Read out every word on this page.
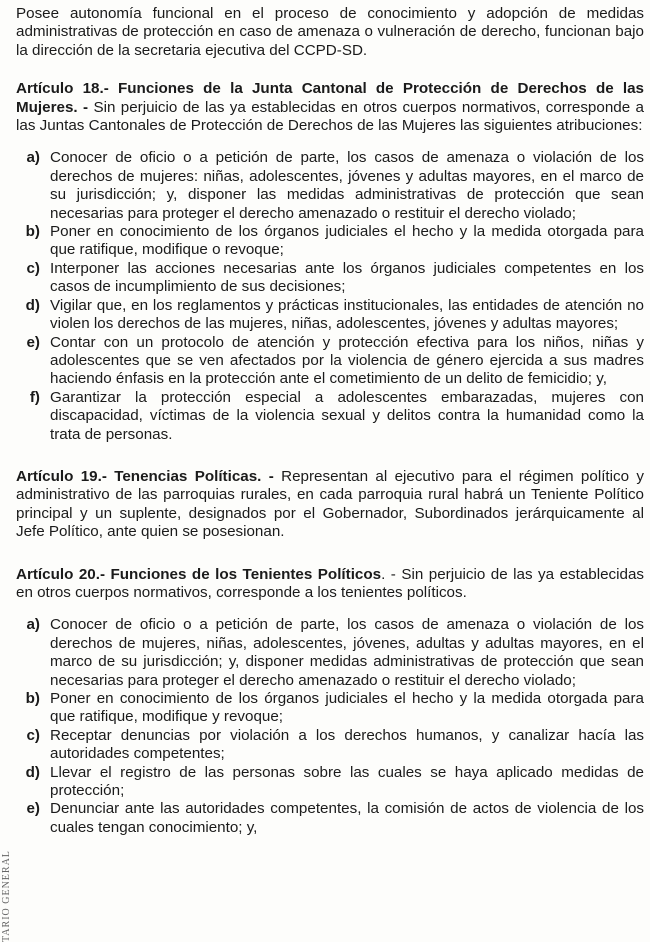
TARIO GENERAL

Posee autonomía funcional en el proceso de conocimiento y adopción de medidas administrativas de protección en caso de amenaza o vulneración de derecho, funcionan bajo la dirección de la secretaria ejecutiva del CCPD-SD.

Artículo 18.- Funciones de la Junta Cantonal de Protección de Derechos de las Mujeres. - Sin perjuicio de las ya establecidas en otros cuerpos normativos, corresponde a las Juntas Cantonales de Protección de Derechos de las Mujeres las siguientes atribuciones:

a) Conocer de oficio o a petición de parte, los casos de amenaza o violación de los derechos de mujeres: niñas, adolescentes, jóvenes y adultas mayores, en el marco de su jurisdicción; y, disponer las medidas administrativas de protección que sean necesarias para proteger el derecho amenazado o restituir el derecho violado;
b) Poner en conocimiento de los órganos judiciales el hecho y la medida otorgada para que ratifique, modifique o revoque;
c) Interponer las acciones necesarias ante los órganos judiciales competentes en los casos de incumplimiento de sus decisiones;
d) Vigilar que, en los reglamentos y prácticas institucionales, las entidades de atención no violen los derechos de las mujeres, niñas, adolescentes, jóvenes y adultas mayores;
e) Contar con un protocolo de atención y protección efectiva para los niños, niñas y adolescentes que se ven afectados por la violencia de género ejercida a sus madres haciendo énfasis en la protección ante el cometimiento de un delito de femicidio; y,
f) Garantizar la protección especial a adolescentes embarazadas, mujeres con discapacidad, víctimas de la violencia sexual y delitos contra la humanidad como la trata de personas.

Artículo 19.- Tenencias Políticas. - Representan al ejecutivo para el régimen político y administrativo de las parroquias rurales, en cada parroquia rural habrá un Teniente Político principal y un suplente, designados por el Gobernador, Subordinados jerárquicamente al Jefe Político, ante quien se posesionan.

Artículo 20.- Funciones de los Tenientes Políticos. - Sin perjuicio de las ya establecidas en otros cuerpos normativos, corresponde a los tenientes políticos.

a) Conocer de oficio o a petición de parte, los casos de amenaza o violación de los derechos de mujeres, niñas, adolescentes, jóvenes, adultas y adultas mayores, en el marco de su jurisdicción; y, disponer medidas administrativas de protección que sean necesarias para proteger el derecho amenazado o restituir el derecho violado;
b) Poner en conocimiento de los órganos judiciales el hecho y la medida otorgada para que ratifique, modifique y revoque;
c) Receptar denuncias por violación a los derechos humanos, y canalizar hacía las autoridades competentes;
d) Llevar el registro de las personas sobre las cuales se haya aplicado medidas de protección;
e) Denunciar ante las autoridades competentes, la comisión de actos de violencia de los cuales tengan conocimiento; y,
